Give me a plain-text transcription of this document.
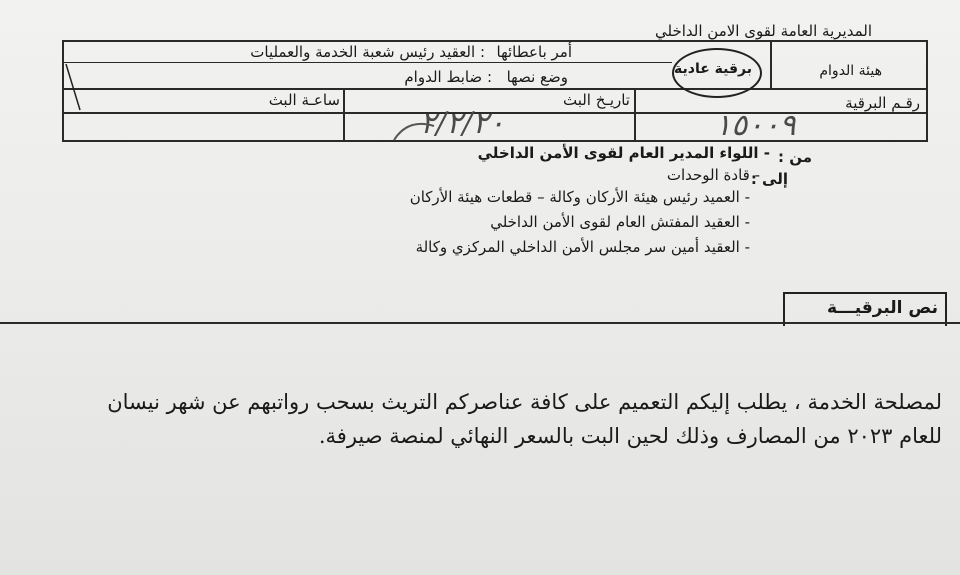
المديرية العامة لقوى الامن الداخلي
أمر باعطائها
: العقيد رئيس شعبة الخدمة والعمليات
وضع نصها
: ضابط الدوام	برقية عادية	هيئة الدوام
رقـم البرقية
تاريـخ البث
ساعـة البث
١٥٠٠٩
٢/٢/٢٠
من :
- اللواء المدير العام لقوى الأمن الداخلي
إلى :
- قادة الوحدات
- العميد رئيس هيئة الأركان وكالة – قطعات هيئة الأركان
- العقيد المفتش العام لقوى الأمن الداخلي
- العقيد أمين سر مجلس الأمن الداخلي المركزي وكالة
نص البرقيـــة
لمصلحة الخدمة ، يطلب إليكم التعميم على كافة عناصركم التريث بسحب رواتبهم عن شهر نيسان
للعام ٢٠٢٣ من المصارف وذلك لحين البت بالسعر النهائي لمنصة صيرفة.
